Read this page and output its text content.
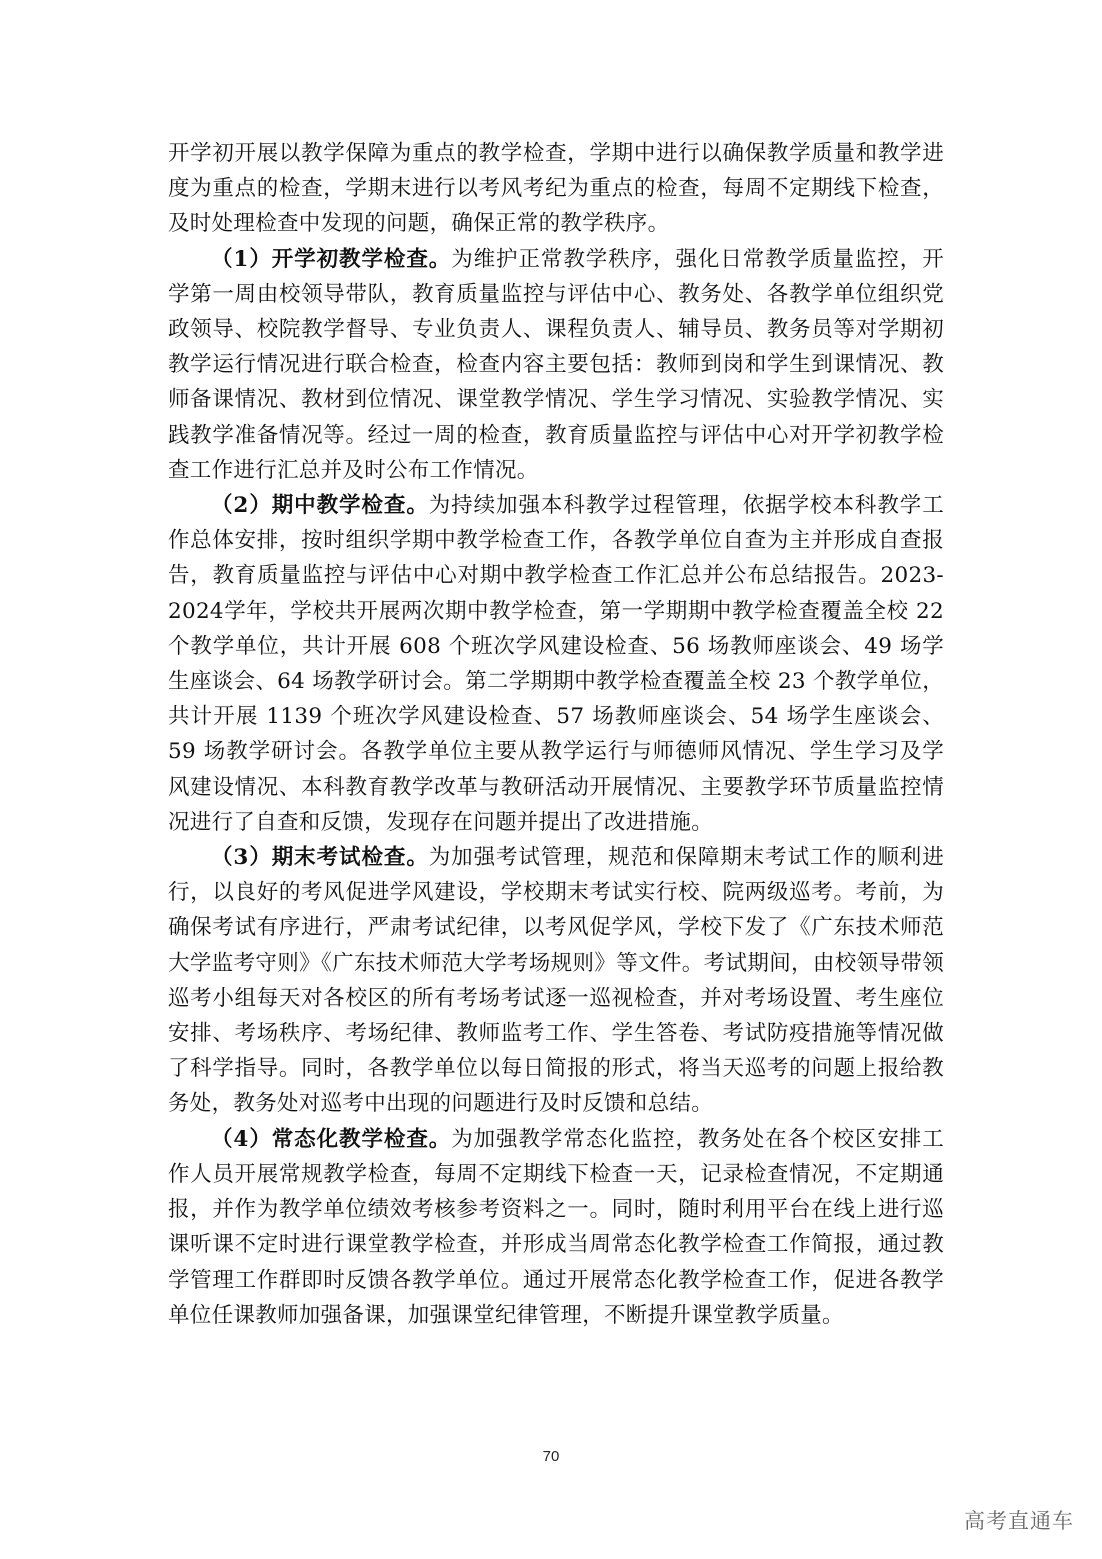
开学初开展以教学保障为重点的教学检查，学期中进行以确保教学质量和教学进度为重点的检查，学期末进行以考风考纪为重点的检查，每周不定期线下检查，及时处理检查中发现的问题，确保正常的教学秩序。

（1）开学初教学检查。为维护正常教学秩序，强化日常教学质量监控，开学第一周由校领导带队，教育质量监控与评估中心、教务处、各教学单位组织党政领导、校院教学督导、专业负责人、课程负责人、辅导员、教务员等对学期初教学运行情况进行联合检查，检查内容主要包括：教师到岗和学生到课情况、教师备课情况、教材到位情况、课堂教学情况、学生学习情况、实验教学情况、实践教学准备情况等。经过一周的检查，教育质量监控与评估中心对开学初教学检查工作进行汇总并及时公布工作情况。

（2）期中教学检查。为持续加强本科教学过程管理，依据学校本科教学工作总体安排，按时组织学期中教学检查工作，各教学单位自查为主并形成自查报告，教育质量监控与评估中心对期中教学检查工作汇总并公布总结报告。2023-2024学年，学校共开展两次期中教学检查，第一学期期中教学检查覆盖全校 22 个教学单位，共计开展 608 个班次学风建设检查、56 场教师座谈会、49 场学生座谈会、64 场教学研讨会。第二学期期中教学检查覆盖全校 23 个教学单位，共计开展 1139 个班次学风建设检查、57 场教师座谈会、54 场学生座谈会、59 场教学研讨会。各教学单位主要从教学运行与师德师风情况、学生学习及学风建设情况、本科教育教学改革与教研活动开展情况、主要教学环节质量监控情况进行了自查和反馈，发现存在问题并提出了改进措施。

（3）期末考试检查。为加强考试管理，规范和保障期末考试工作的顺利进行，以良好的考风促进学风建设，学校期末考试实行校、院两级巡考。考前，为确保考试有序进行，严肃考试纪律，以考风促学风，学校下发了《广东技术师范大学监考守则》《广东技术师范大学考场规则》等文件。考试期间，由校领导带领巡考小组每天对各校区的所有考场考试逐一巡视检查，并对考场设置、考生座位安排、考场秩序、考场纪律、教师监考工作、学生答卷、考试防疫措施等情况做了科学指导。同时，各教学单位以每日简报的形式，将当天巡考的问题上报给教务处，教务处对巡考中出现的问题进行及时反馈和总结。

（4）常态化教学检查。为加强教学常态化监控，教务处在各个校区安排工作人员开展常规教学检查，每周不定期线下检查一天，记录检查情况，不定期通报，并作为教学单位绩效考核参考资料之一。同时，随时利用平台在线上进行巡课听课不定时进行课堂教学检查，并形成当周常态化教学检查工作简报，通过教学管理工作群即时反馈各教学单位。通过开展常态化教学检查工作，促进各教学单位任课教师加强备课，加强课堂纪律管理，不断提升课堂教学质量。

70
高考直通车
